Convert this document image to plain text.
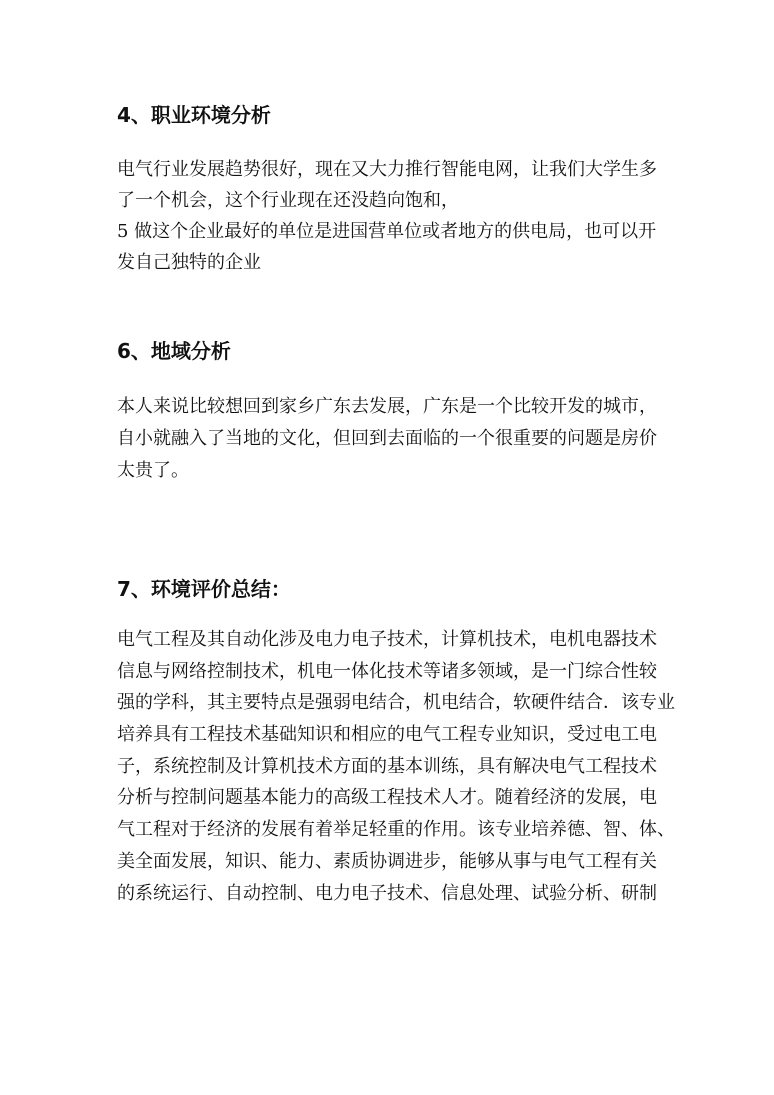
4、职业环境分析
电气行业发展趋势很好，现在又大力推行智能电网，让我们大学生多
了一个机会，这个行业现在还没趋向饱和，
5 做这个企业最好的单位是进国营单位或者地方的供电局，也可以开
发自己独特的企业
6、地域分析
本人来说比较想回到家乡广东去发展，广东是一个比较开发的城市，
自小就融入了当地的文化，但回到去面临的一个很重要的问题是房价
太贵了。
7、环境评价总结：
电气工程及其自动化涉及电力电子技术，计算机技术，电机电器技术
信息与网络控制技术，机电一体化技术等诸多领域，是一门综合性较
强的学科，其主要特点是强弱电结合，机电结合，软硬件结合．该专业
培养具有工程技术基础知识和相应的电气工程专业知识，受过电工电
子，系统控制及计算机技术方面的基本训练，具有解决电气工程技术
分析与控制问题基本能力的高级工程技术人才。随着经济的发展，电
气工程对于经济的发展有着举足轻重的作用。该专业培养德、智、体、
美全面发展，知识、能力、素质协调进步，能够从事与电气工程有关
的系统运行、自动控制、电力电子技术、信息处理、试验分析、研制
